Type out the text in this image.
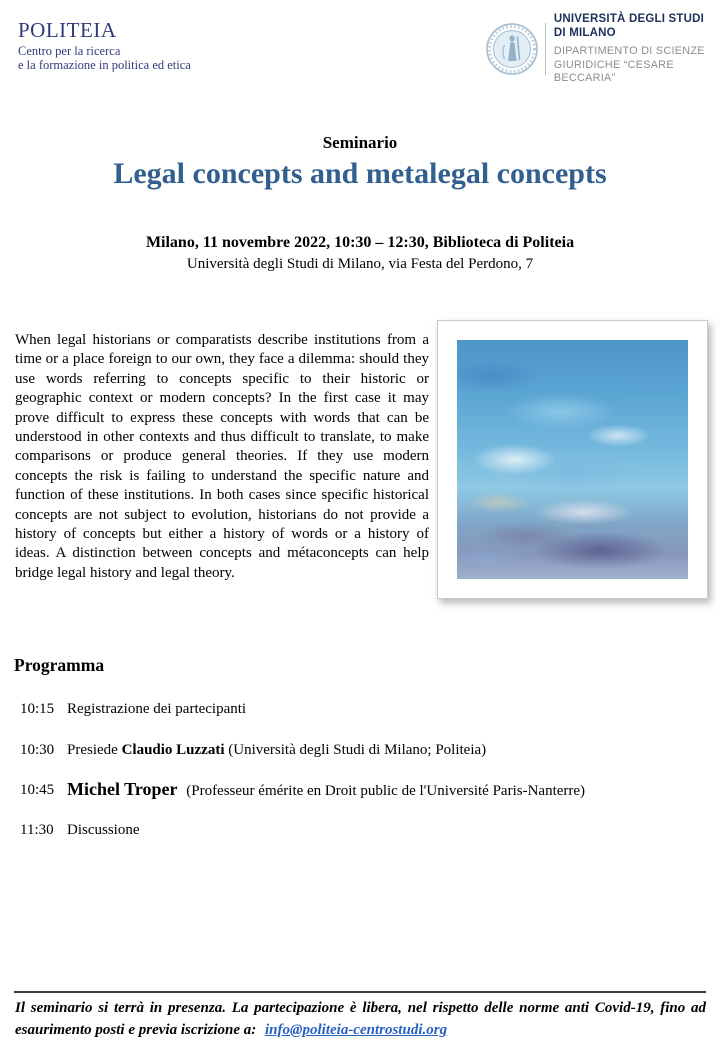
POLITEIA
Centro per la ricerca
e la formazione in politica ed etica
UNIVERSITÀ DEGLI STUDI
DI MILANO
DIPARTIMENTO DI SCIENZE
GIURIDICHE “CESARE BECCARIA”
Seminario
Legal concepts and metalegal concepts
Milano, 11 novembre 2022, 10:30 – 12:30, Biblioteca di Politeia
Università degli Studi di Milano, via Festa del Perdono, 7

When legal historians or comparatists describe institutions from a time or a place foreign to our own, they face a dilemma: should they use words referring to concepts specific to their historic or geographic context or modern concepts? In the first case it may prove difficult to express these concepts with words that can be understood in other contexts and thus difficult to translate, to make comparisons or produce general theories. If they use modern concepts the risk is failing to understand the specific nature and function of these institutions. In both cases since specific historical concepts are not subject to evolution, historians do not provide a history of concepts but either a history of words or a history of ideas. A distinction between concepts and métaconcepts can help bridge legal history and legal theory.

Programma
10:15 Registrazione dei partecipanti
10:30 Presiede Claudio Luzzati (Università degli Studi di Milano; Politeia)
10:45 Michel Troper (Professeur émérite en Droit public de l'Université Paris-Nanterre)
11:30 Discussione

Il seminario si terrà in presenza. La partecipazione è libera, nel rispetto delle norme anti Covid-19, fino ad esaurimento posti e previa iscrizione a: info@politeia-centrostudi.org
